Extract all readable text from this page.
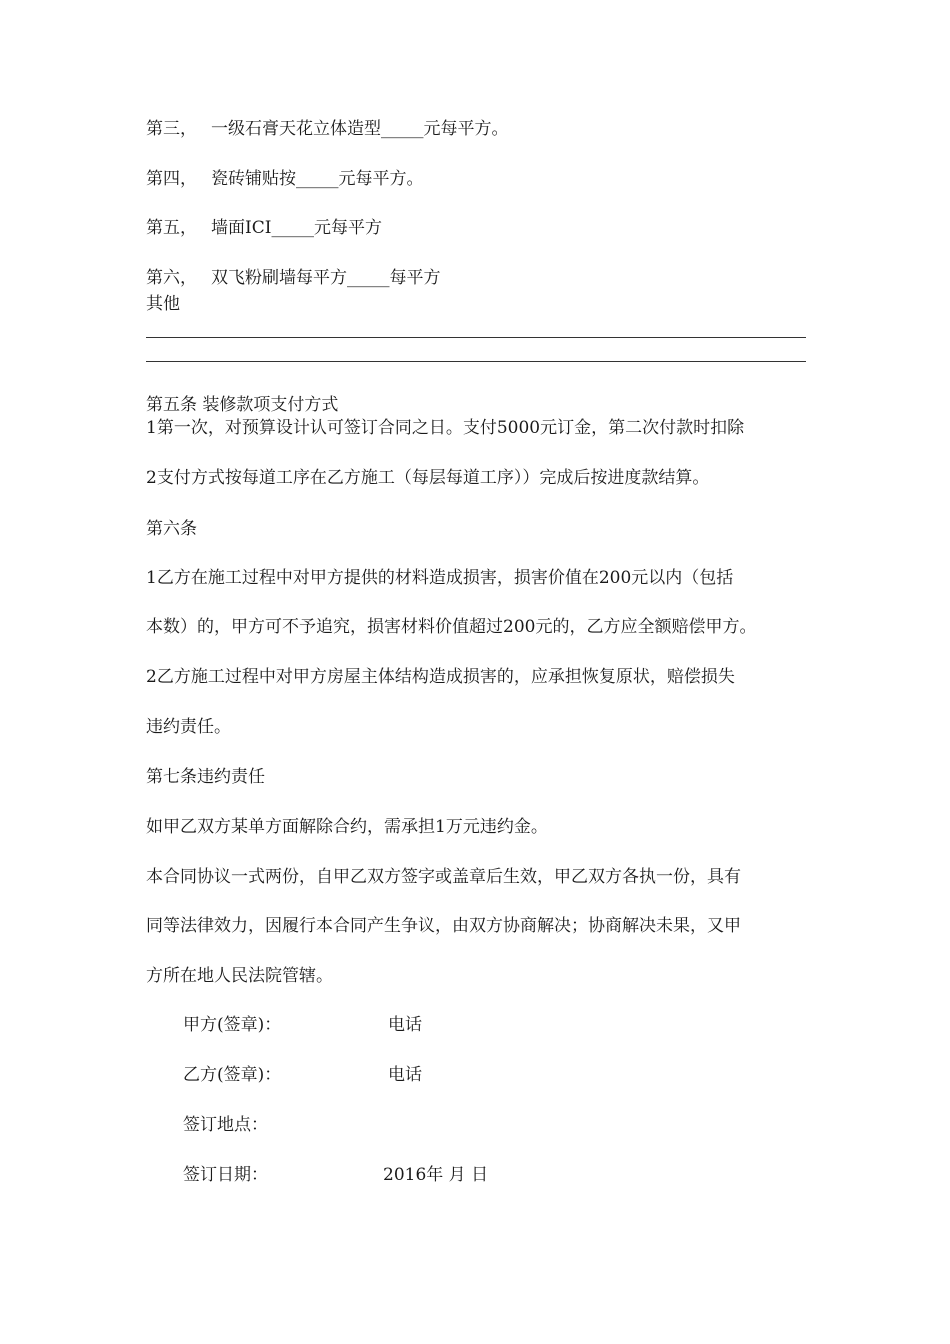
第三， 一级石膏天花立体造型_____元每平方。
第四， 瓷砖铺贴按_____元每平方。
第五， 墙面ICI_____元每平方
第六， 双飞粉刷墙每平方_____每平方
其他
第五条 装修款项支付方式
1第一次，对预算设计认可签订合同之日。支付5000元订金，第二次付款时扣除
2支付方式按每道工序在乙方施工（每层每道工序））完成后按进度款结算。
第六条
1乙方在施工过程中对甲方提供的材料造成损害，损害价值在200元以内（包括
本数）的，甲方可不予追究，损害材料价值超过200元的，乙方应全额赔偿甲方。
2乙方施工过程中对甲方房屋主体结构造成损害的，应承担恢复原状，赔偿损失
违约责任。
第七条违约责任
如甲乙双方某单方面解除合约，需承担1万元违约金。
本合同协议一式两份，自甲乙双方签字或盖章后生效，甲乙双方各执一份，具有
同等法律效力，因履行本合同产生争议，由双方协商解决；协商解决未果，又甲
方所在地人民法院管辖。
甲方(签章)：	电话
乙方(签章)：	电话
签订地点：
签订日期：	2016年 月 日
